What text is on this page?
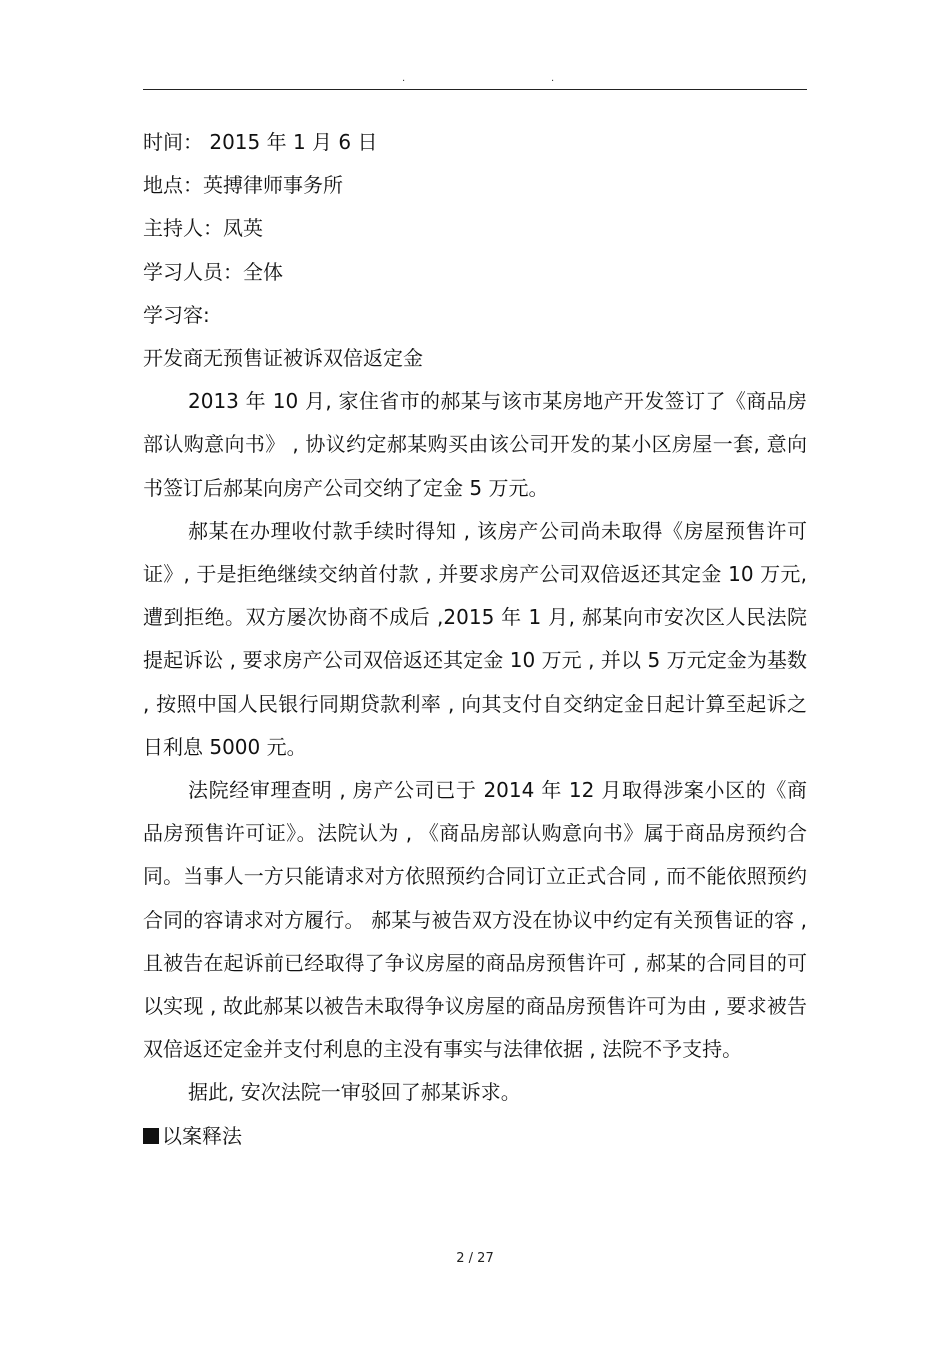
.	.
时间： 2015 年 1 月 6 日
地点：英搏律师事务所
主持人：凤英
学习人员：全体
学习容:
开发商无预售证被诉双倍返定金
2013 年 10 月, 家住省市的郝某与该市某房地产开发签订了《商品房部认购意向书》 , 协议约定郝某购买由该公司开发的某小区房屋一套, 意向书签订后郝某向房产公司交纳了定金 5 万元。
郝某在办理收付款手续时得知 , 该房产公司尚未取得《房屋预售许可证》, 于是拒绝继续交纳首付款 , 并要求房产公司双倍返还其定金 10 万元, 遭到拒绝。双方屡次协商不成后 ,2015 年 1 月, 郝某向市安次区人民法院提起诉讼 , 要求房产公司双倍返还其定金 10 万元 , 并以 5 万元定金为基数 , 按照中国人民银行同期贷款利率 , 向其支付自交纳定金日起计算至起诉之日利息 5000 元。
法院经审理查明 , 房产公司已于 2014 年 12 月取得涉案小区的《商品房预售许可证》。法院认为 , 《商品房部认购意向书》属于商品房预约合同。当事人一方只能请求对方依照预约合同订立正式合同 , 而不能依照预约合同的容请求对方履行。 郝某与被告双方没在协议中约定有关预售证的容 , 且被告在起诉前已经取得了争议房屋的商品房预售许可 , 郝某的合同目的可以实现 , 故此郝某以被告未取得争议房屋的商品房预售许可为由 , 要求被告双倍返还定金并支付利息的主没有事实与法律依据 , 法院不予支持。
据此, 安次法院一审驳回了郝某诉求。
以案释法
2 / 27
